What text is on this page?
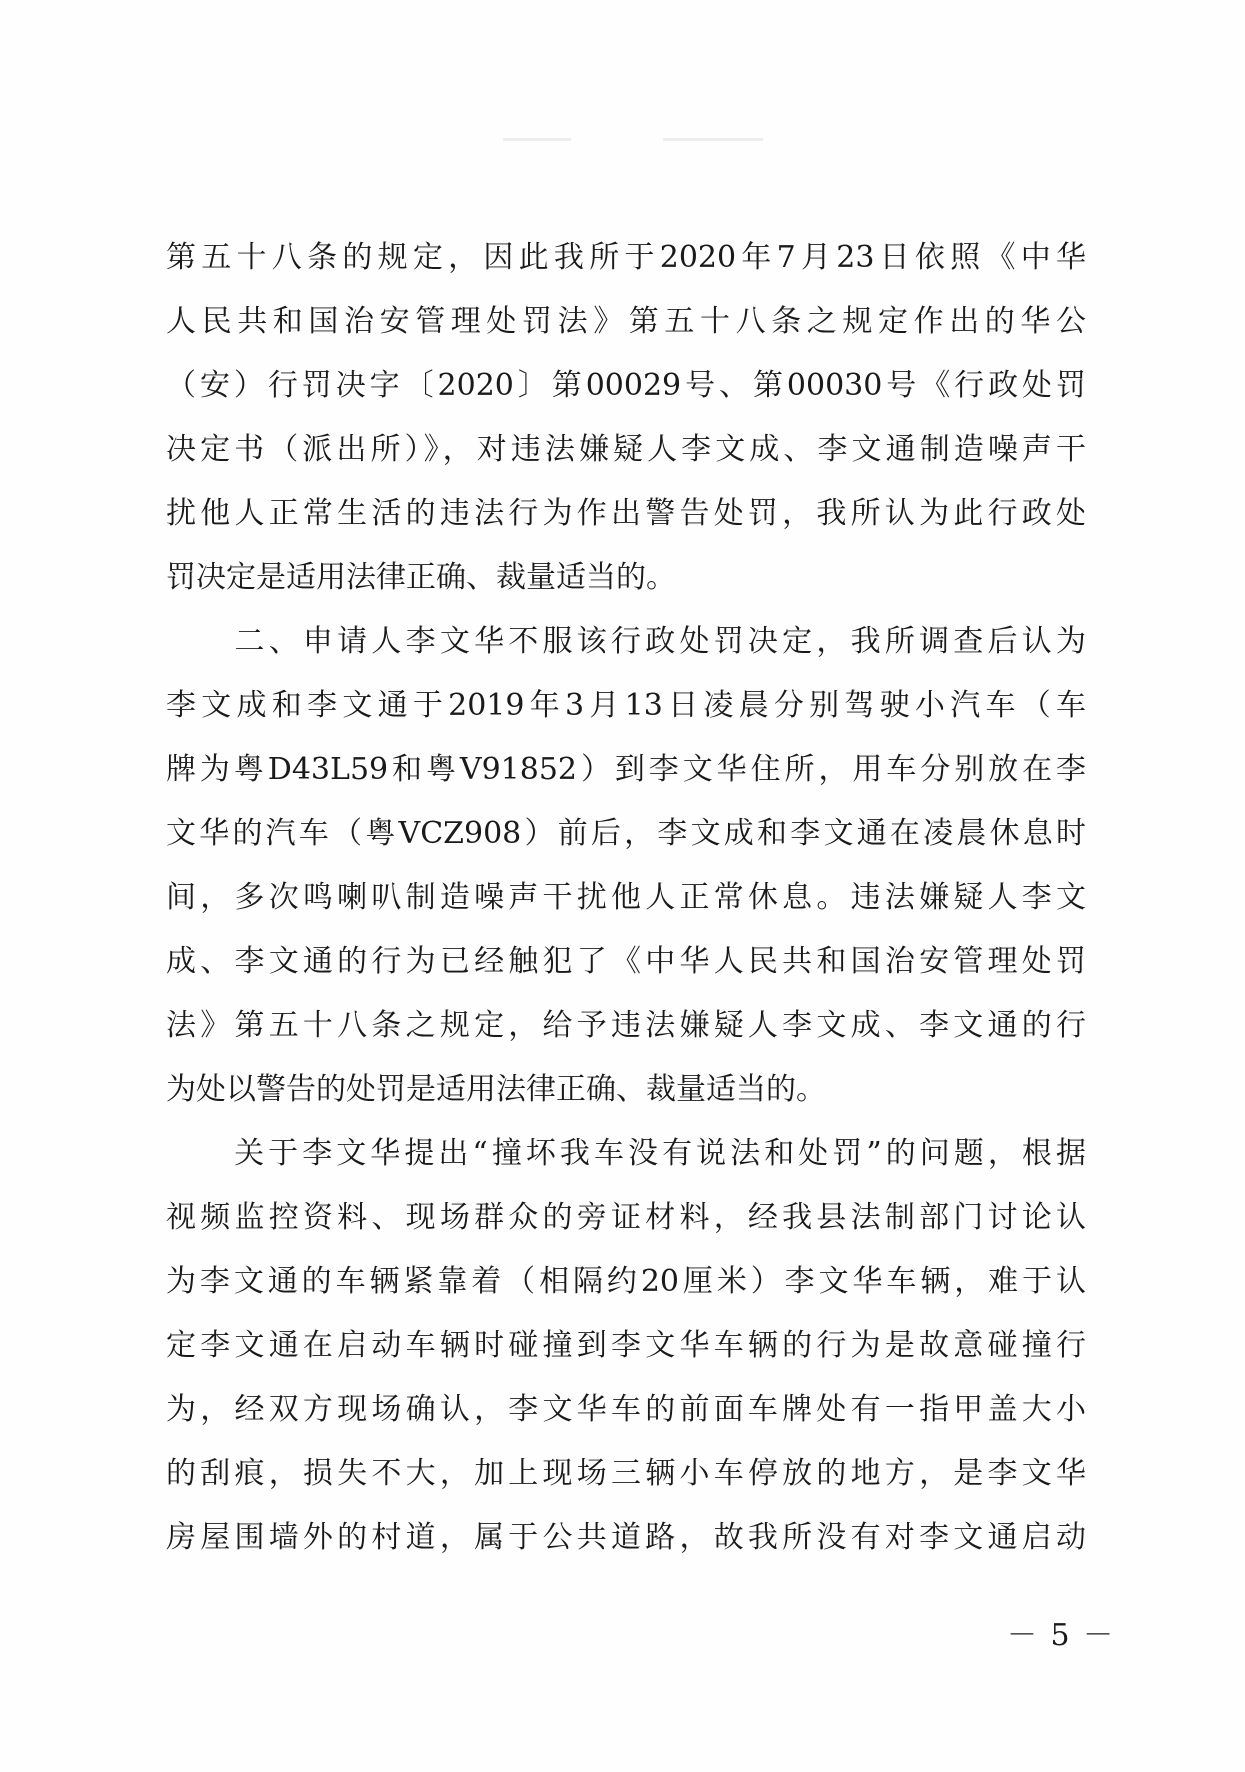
第五十八条的规定，因此我所于2020年7月23日依照《中华
人民共和国治安管理处罚法》第五十八条之规定作出的华公
（安）行罚决字〔2020〕第00029号、第00030号《行政处罚
决定书（派出所）》，对违法嫌疑人李文成、李文通制造噪声干
扰他人正常生活的违法行为作出警告处罚，我所认为此行政处
罚决定是适用法律正确、裁量适当的。
　　二、申请人李文华不服该行政处罚决定，我所调查后认为
李文成和李文通于2019年3月13日凌晨分别驾驶小汽车（车
牌为粤D43L59和粤V91852）到李文华住所，用车分别放在李
文华的汽车（粤VCZ908）前后，李文成和李文通在凌晨休息时
间，多次鸣喇叭制造噪声干扰他人正常休息。违法嫌疑人李文
成、李文通的行为已经触犯了《中华人民共和国治安管理处罚
法》第五十八条之规定，给予违法嫌疑人李文成、李文通的行
为处以警告的处罚是适用法律正确、裁量适当的。
　　关于李文华提出“撞坏我车没有说法和处罚”的问题，根据
视频监控资料、现场群众的旁证材料，经我县法制部门讨论认
为李文通的车辆紧靠着（相隔约20厘米）李文华车辆，难于认
定李文通在启动车辆时碰撞到李文华车辆的行为是故意碰撞行
为，经双方现场确认，李文华车的前面车牌处有一指甲盖大小
的刮痕，损失不大，加上现场三辆小车停放的地方，是李文华
房屋围墙外的村道，属于公共道路，故我所没有对李文通启动
－ 5 －
